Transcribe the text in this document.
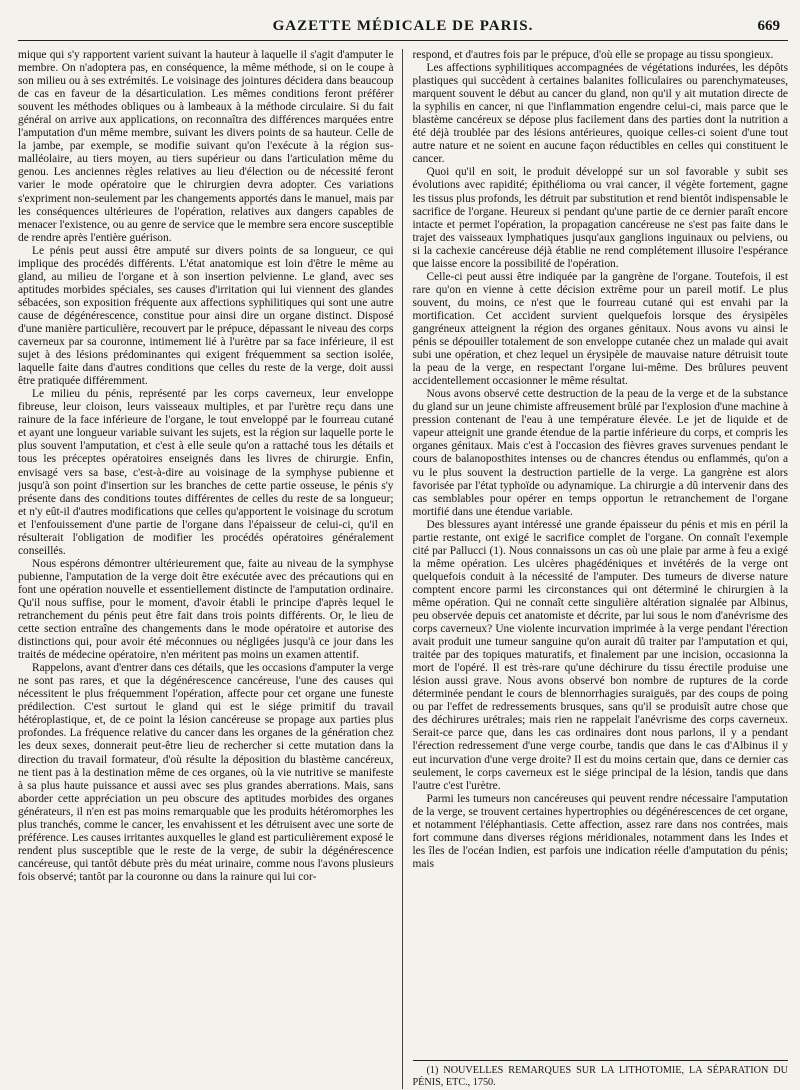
GAZETTE MÉDICALE DE PARIS.	669

mique qui s'y rapportent varient suivant la hauteur à laquelle il s'agit d'amputer le membre. On n'adoptera pas, en conséquence, la même méthode, si on le coupe à son milieu ou à ses extrémités. Le voisinage des jointures décidera dans beaucoup de cas en faveur de la désarticulation. Les mêmes conditions feront préférer souvent les méthodes obliques ou à lambeaux à la méthode circulaire. Si du fait général on arrive aux applications, on reconnaîtra des différences marquées entre l'amputation d'un même membre, suivant les divers points de sa hauteur. Celle de la jambe, par exemple, se modifie suivant qu'on l'exécute à la région sus-malléolaire, au tiers moyen, au tiers supérieur ou dans l'articulation même du genou. Les anciennes règles relatives au lieu d'élection ou de nécessité feront varier le mode opératoire que le chirurgien devra adopter. Ces variations s'expriment non-seulement par les changements apportés dans le manuel, mais par les conséquences ultérieures de l'opération, relatives aux dangers capables de menacer l'existence, ou au genre de service que le membre sera encore susceptible de rendre après l'entière guérison.

Le pénis peut aussi être amputé sur divers points de sa longueur, ce qui implique des procédés différents. L'état anatomique est loin d'être le même au gland, au milieu de l'organe et à son insertion pelvienne. Le gland, avec ses aptitudes morbides spéciales, ses causes d'irritation qui lui viennent des glandes sébacées, son exposition fréquente aux affections syphilitiques qui sont une autre cause de dégénérescence, constitue pour ainsi dire un organe distinct. Disposé d'une manière particulière, recouvert par le prépuce, dépassant le niveau des corps caverneux par sa couronne, intimement lié à l'urètre par sa face inférieure, il est sujet à des lésions prédominantes qui exigent fréquemment sa section isolée, laquelle faite dans d'autres conditions que celles du reste de la verge, doit aussi être pratiquée différemment.

Le milieu du pénis, représenté par les corps caverneux, leur enveloppe fibreuse, leur cloison, leurs vaisseaux multiples, et par l'urètre reçu dans une rainure de la face inférieure de l'organe, le tout enveloppé par le fourreau cutané et ayant une longueur variable suivant les sujets, est la région sur laquelle porte le plus souvent l'amputation, et c'est à elle seule qu'on a rattaché tous les détails et tous les préceptes opératoires enseignés dans les livres de chirurgie. Enfin, envisagé vers sa base, c'est-à-dire au voisinage de la symphyse pubienne et jusqu'à son point d'insertion sur les branches de cette partie osseuse, le pénis s'y présente dans des conditions toutes différentes de celles du reste de sa longueur; et n'y eût-il d'autres modifications que celles qu'apportent le voisinage du scrotum et l'enfouissement d'une partie de l'organe dans l'épaisseur de celui-ci, qu'il en résulterait l'obligation de modifier les procédés opératoires généralement conseillés.

Nous espérons démontrer ultérieurement que, faite au niveau de la symphyse pubienne, l'amputation de la verge doit être exécutée avec des précautions qui en font une opération nouvelle et essentiellement distincte de l'amputation ordinaire. Qu'il nous suffise, pour le moment, d'avoir établi le principe d'après lequel le retranchement du pénis peut être fait dans trois points différents. Or, le lieu de cette section entraîne des changements dans le mode opératoire et autorise des distinctions qui, pour avoir été méconnues ou négligées jusqu'à ce jour dans les traités de médecine opératoire, n'en méritent pas moins un examen attentif.

Rappelons, avant d'entrer dans ces détails, que les occasions d'amputer la verge ne sont pas rares, et que la dégénérescence cancéreuse, l'une des causes qui nécessitent le plus fréquemment l'opération, affecte pour cet organe une funeste prédilection. C'est surtout le gland qui est le siége primitif du travail hétéroplastique, et, de ce point la lésion cancéreuse se propage aux parties plus profondes. La fréquence relative du cancer dans les organes de la génération chez les deux sexes, donnerait peut-être lieu de rechercher si cette mutation dans la direction du travail formateur, d'où résulte la déposition du blastème cancéreux, ne tient pas à la destination même de ces organes, où la vie nutritive se manifeste à sa plus haute puissance et aussi avec ses plus grandes aberrations. Mais, sans aborder cette appréciation un peu obscure des aptitudes morbides des organes générateurs, il n'en est pas moins remarquable que les produits hétéromorphes les plus tranchés, comme le cancer, les envahissent et les détruisent avec une sorte de préférence. Les causes irritantes auxquelles le gland est particulièrement exposé le rendent plus susceptible que le reste de la verge, de subir la dégénérescence cancéreuse, qui tantôt débute près du méat urinaire, comme nous l'avons plusieurs fois observé; tantôt par la couronne ou dans la rainure qui lui cor-

respond, et d'autres fois par le prépuce, d'où elle se propage au tissu spongieux.

Les affections syphilitiques accompagnées de végétations indurées, les dépôts plastiques qui succèdent à certaines balanites folliculaires ou parenchymateuses, marquent souvent le début au cancer du gland, non qu'il y ait mutation directe de la syphilis en cancer, ni que l'inflammation engendre celui-ci, mais parce que le blastème cancéreux se dépose plus facilement dans des parties dont la nutrition a été déjà troublée par des lésions antérieures, quoique celles-ci soient d'une tout autre nature et ne soient en aucune façon réductibles en celles qui constituent le cancer.

Quoi qu'il en soit, le produit développé sur un sol favorable y subit ses évolutions avec rapidité; épithélioma ou vrai cancer, il végète fortement, gagne les tissus plus profonds, les détruit par substitution et rend bientôt indispensable le sacrifice de l'organe. Heureux si pendant qu'une partie de ce dernier paraît encore intacte et permet l'opération, la propagation cancéreuse ne s'est pas faite dans le trajet des vaisseaux lymphatiques jusqu'aux ganglions inguinaux ou pelviens, ou si la cachexie cancéreuse déjà établie ne rend complétement illusoire l'espérance que laisse encore la possibilité de l'opération.

Celle-ci peut aussi être indiquée par la gangrène de l'organe. Toutefois, il est rare qu'on en vienne à cette décision extrême pour un pareil motif. Le plus souvent, du moins, ce n'est que le fourreau cutané qui est envahi par la mortification. Cet accident survient quelquefois lorsque des érysipèles gangréneux atteignent la région des organes génitaux. Nous avons vu ainsi le pénis se dépouiller totalement de son enveloppe cutanée chez un malade qui avait subi une opération, et chez lequel un érysipèle de mauvaise nature détruisit toute la peau de la verge, en respectant l'organe lui-même. Des brûlures peuvent accidentellement occasionner le même résultat.

Nous avons observé cette destruction de la peau de la verge et de la substance du gland sur un jeune chimiste affreusement brûlé par l'explosion d'une machine à pression contenant de l'eau à une température élevée. Le jet de liquide et de vapeur atteignit une grande étendue de la partie inférieure du corps, et compris les organes génitaux. Mais c'est à l'occasion des fièvres graves survenues pendant le cours de balanoposthites intenses ou de chancres étendus ou enflammés, qu'on a vu le plus souvent la destruction partielle de la verge. La gangrène est alors favorisée par l'état typhoïde ou adynamique. La chirurgie a dû intervenir dans des cas semblables pour opérer en temps opportun le retranchement de l'organe mortifié dans une étendue variable.

Des blessures ayant intéressé une grande épaisseur du pénis et mis en péril la partie restante, ont exigé le sacrifice complet de l'organe. On connaît l'exemple cité par Pallucci (1). Nous connaissons un cas où une plaie par arme à feu a exigé la même opération. Les ulcères phagédéniques et invétérés de la verge ont quelquefois conduit à la nécessité de l'amputer. Des tumeurs de diverse nature comptent encore parmi les circonstances qui ont déterminé le chirurgien à la même opération. Qui ne connaît cette singulière altération signalée par Albinus, peu observée depuis cet anatomiste et décrite, par lui sous le nom d'anévrisme des corps caverneux? Une violente incurvation imprimée à la verge pendant l'érection avait produit une tumeur sanguine qu'on aurait dû traiter par l'amputation et qui, traitée par des topiques maturatifs, et finalement par une incision, occasionna la mort de l'opéré. Il est très-rare qu'une déchirure du tissu érectile produise une lésion aussi grave. Nous avons observé bon nombre de ruptures de la corde déterminée pendant le cours de blennorrhagies suraiguës, par des coups de poing ou par l'effet de redressements brusques, sans qu'il se produisît autre chose que des déchirures urétrales; mais rien ne rappelait l'anévrisme des corps caverneux. Serait-ce parce que, dans les cas ordinaires dont nous parlons, il y a pendant l'érection redressement d'une verge courbe, tandis que dans le cas d'Albinus il y eut incurvation d'une verge droite? Il est du moins certain que, dans ce dernier cas seulement, le corps caverneux est le siége principal de la lésion, tandis que dans l'autre c'est l'urètre.

Parmi les tumeurs non cancéreuses qui peuvent rendre nécessaire l'amputation de la verge, se trouvent certaines hypertrophies ou dégénérescences de cet organe, et notamment l'éléphantiasis. Cette affection, assez rare dans nos contrées, mais fort commune dans diverses régions méridionales, notamment dans les Indes et les îles de l'océan Indien, est parfois une indication réelle d'amputation du pénis; mais

(1) NOUVELLES REMARQUES SUR LA LITHOTOMIE, LA SÉPARATION DU PÉNIS, ETC., 1750.
